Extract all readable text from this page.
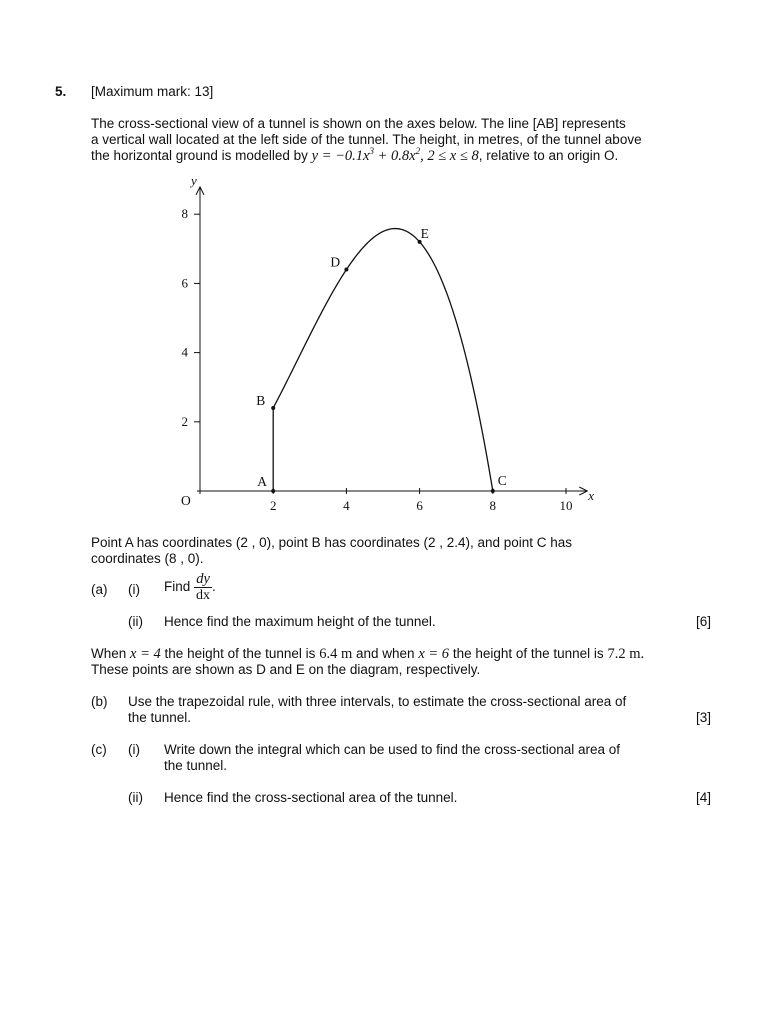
5. [Maximum mark: 13]
The cross-sectional view of a tunnel is shown on the axes below. The line [AB] represents
a vertical wall located at the left side of the tunnel. The height, in metres, of the tunnel above
the horizontal ground is modelled by $y = -0.1x^3 + 0.8x^2$, 2 ≤ x ≤ 8, relative to an origin O.
x
y
O	2	4	6	8	10
2
4
6
8
A
B
C
D
E
Point A has coordinates (2 , 0), point B has coordinates (2 , 2.4), and point C has
coordinates (8 , 0).
(a) (i) Find $\frac{dy}{dx}$ .
(ii) Hence find the maximum height of the tunnel.	[6]
When x = 4 the height of the tunnel is 6.4 m and when x = 6 the height of the tunnel is 7.2 m.
These points are shown as D and E on the diagram, respectively.
(b) Use the trapezoidal rule, with three intervals, to estimate the cross-sectional area of
the tunnel.	[3]
(c) (i) Write down the integral which can be used to find the cross-sectional area of
the tunnel.
(ii) Hence find the cross-sectional area of the tunnel.	[4]
